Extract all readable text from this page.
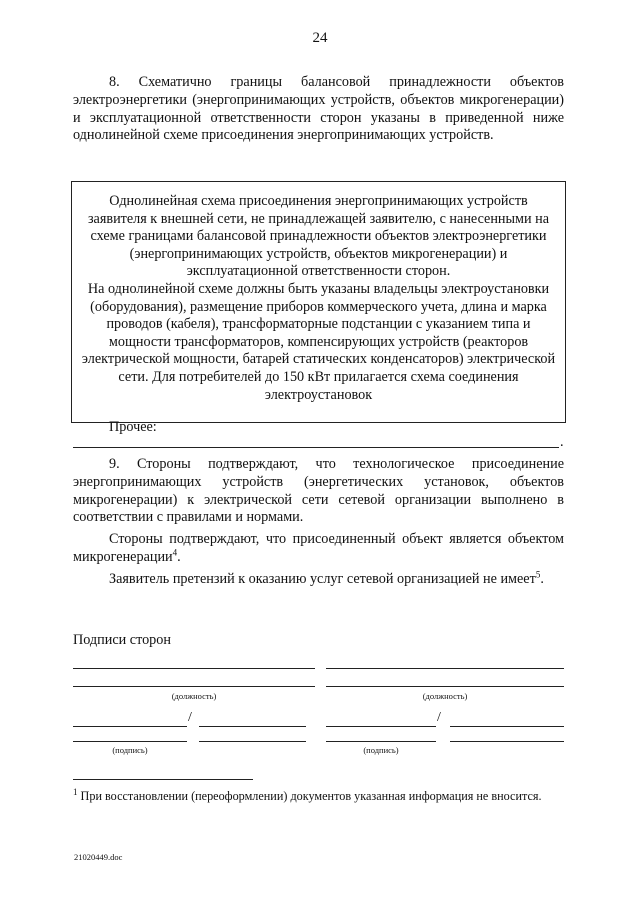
24

8. Схематично границы балансовой принадлежности объектов электроэнергетики (энергопринимающих устройств, объектов микрогенерации) и эксплуатационной ответственности сторон указаны в приведенной ниже однолинейной схеме присоединения энергопринимающих устройств.

Однолинейная схема присоединения энергопринимающих устройств заявителя к внешней сети, не принадлежащей заявителю, с нанесенными на схеме границами балансовой принадлежности объектов электроэнергетики (энергопринимающих устройств, объектов микрогенерации) и эксплуатационной ответственности сторон.

На однолинейной схеме должны быть указаны владельцы электроустановки (оборудования), размещение приборов коммерческого учета, длина и марка проводов (кабеля), трансформаторные подстанции с указанием типа и мощности трансформаторов, компенсирующих устройств (реакторов электрической мощности, батарей статических конденсаторов) электрической сети. Для потребителей до 150 кВт прилагается схема соединения электроустановок

Прочее:
.

9. Стороны подтверждают, что технологическое присоединение энергопринимающих устройств (энергетических установок, объектов микрогенерации) к электрической сети сетевой организации выполнено в соответствии с правилами и нормами.

Стороны подтверждают, что присоединенный объект является объектом микрогенерации$^4$.

Заявитель претензий к оказанию услуг сетевой организацией не имеет$^5$.

Подписи сторон
(должность)	(должность)
/	/
(подпись)	(подпись)
$^1$ При восстановлении (переоформлении) документов указанная информация не вносится.
21020449.doc
